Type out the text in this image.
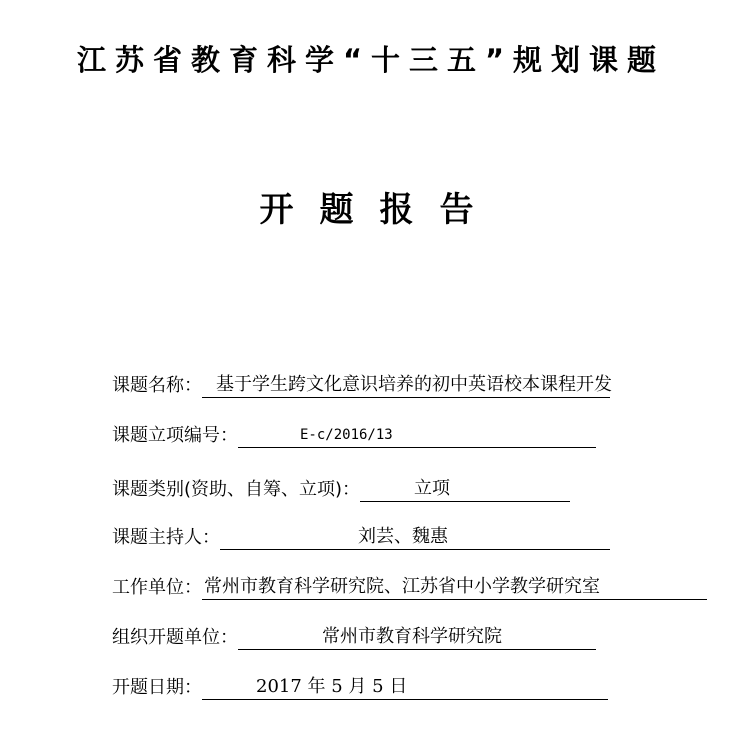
江苏省教育科学“十三五”规划课题
开题报告
课题名称： 基于学生跨文化意识培养的初中英语校本课程开发
课题立项编号：	E-c/2016/13
课题类别(资助、自筹、立项)：	立项
课题主持人：	刘芸、魏惠
工作单位： 常州市教育科学研究院、江苏省中小学教学研究室
组织开题单位：	常州市教育科学研究院
开题日期：	2017 年 5 月 5 日
